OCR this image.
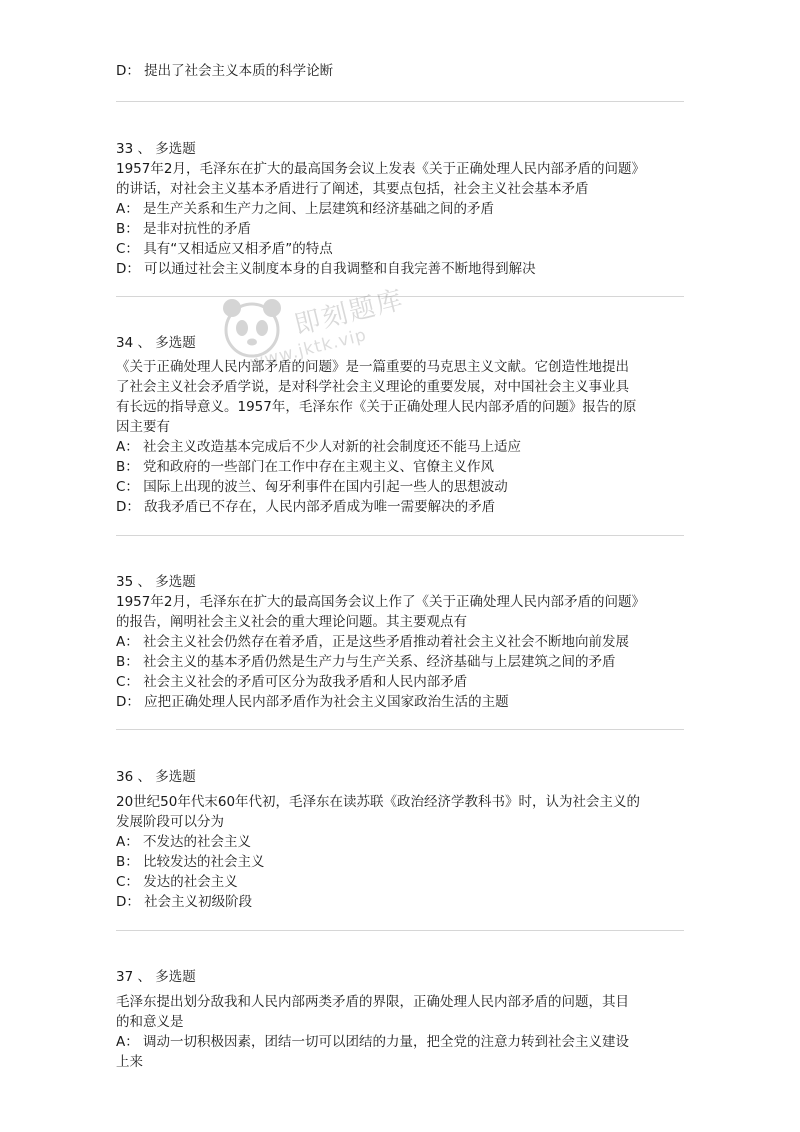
D： 提出了社会主义本质的科学论断
33 、 多选题
1957年2月，毛泽东在扩大的最高国务会议上发表《关于正确处理人民内部矛盾的问题》
的讲话，对社会主义基本矛盾进行了阐述，其要点包括，社会主义社会基本矛盾
A： 是生产关系和生产力之间、上层建筑和经济基础之间的矛盾
B： 是非对抗性的矛盾
C： 具有“又相适应又相矛盾”的特点
D： 可以通过社会主义制度本身的自我调整和自我完善不断地得到解决
34 、 多选题
《关于正确处理人民内部矛盾的问题》是一篇重要的马克思主义文献。它创造性地提出
了社会主义社会矛盾学说，是对科学社会主义理论的重要发展，对中国社会主义事业具
有长远的指导意义。1957年，毛泽东作《关于正确处理人民内部矛盾的问题》报告的原
因主要有
A： 社会主义改造基本完成后不少人对新的社会制度还不能马上适应
B： 党和政府的一些部门在工作中存在主观主义、官僚主义作风
C： 国际上出现的波兰、匈牙利事件在国内引起一些人的思想波动
D： 敌我矛盾已不存在，人民内部矛盾成为唯一需要解决的矛盾
35 、 多选题
1957年2月，毛泽东在扩大的最高国务会议上作了《关于正确处理人民内部矛盾的问题》
的报告，阐明社会主义社会的重大理论问题。其主要观点有
A： 社会主义社会仍然存在着矛盾，正是这些矛盾推动着社会主义社会不断地向前发展
B： 社会主义的基本矛盾仍然是生产力与生产关系、经济基础与上层建筑之间的矛盾
C： 社会主义社会的矛盾可区分为敌我矛盾和人民内部矛盾
D： 应把正确处理人民内部矛盾作为社会主义国家政治生活的主题
36 、 多选题
20世纪50年代末60年代初，毛泽东在读苏联《政治经济学教科书》时，认为社会主义的
发展阶段可以分为
A： 不发达的社会主义
B： 比较发达的社会主义
C： 发达的社会主义
D： 社会主义初级阶段
37 、 多选题
毛泽东提出划分敌我和人民内部两类矛盾的界限，正确处理人民内部矛盾的问题，其目
的和意义是
A： 调动一切积极因素，团结一切可以团结的力量，把全党的注意力转到社会主义建设
上来
即刻题库
www.jktk.vip
